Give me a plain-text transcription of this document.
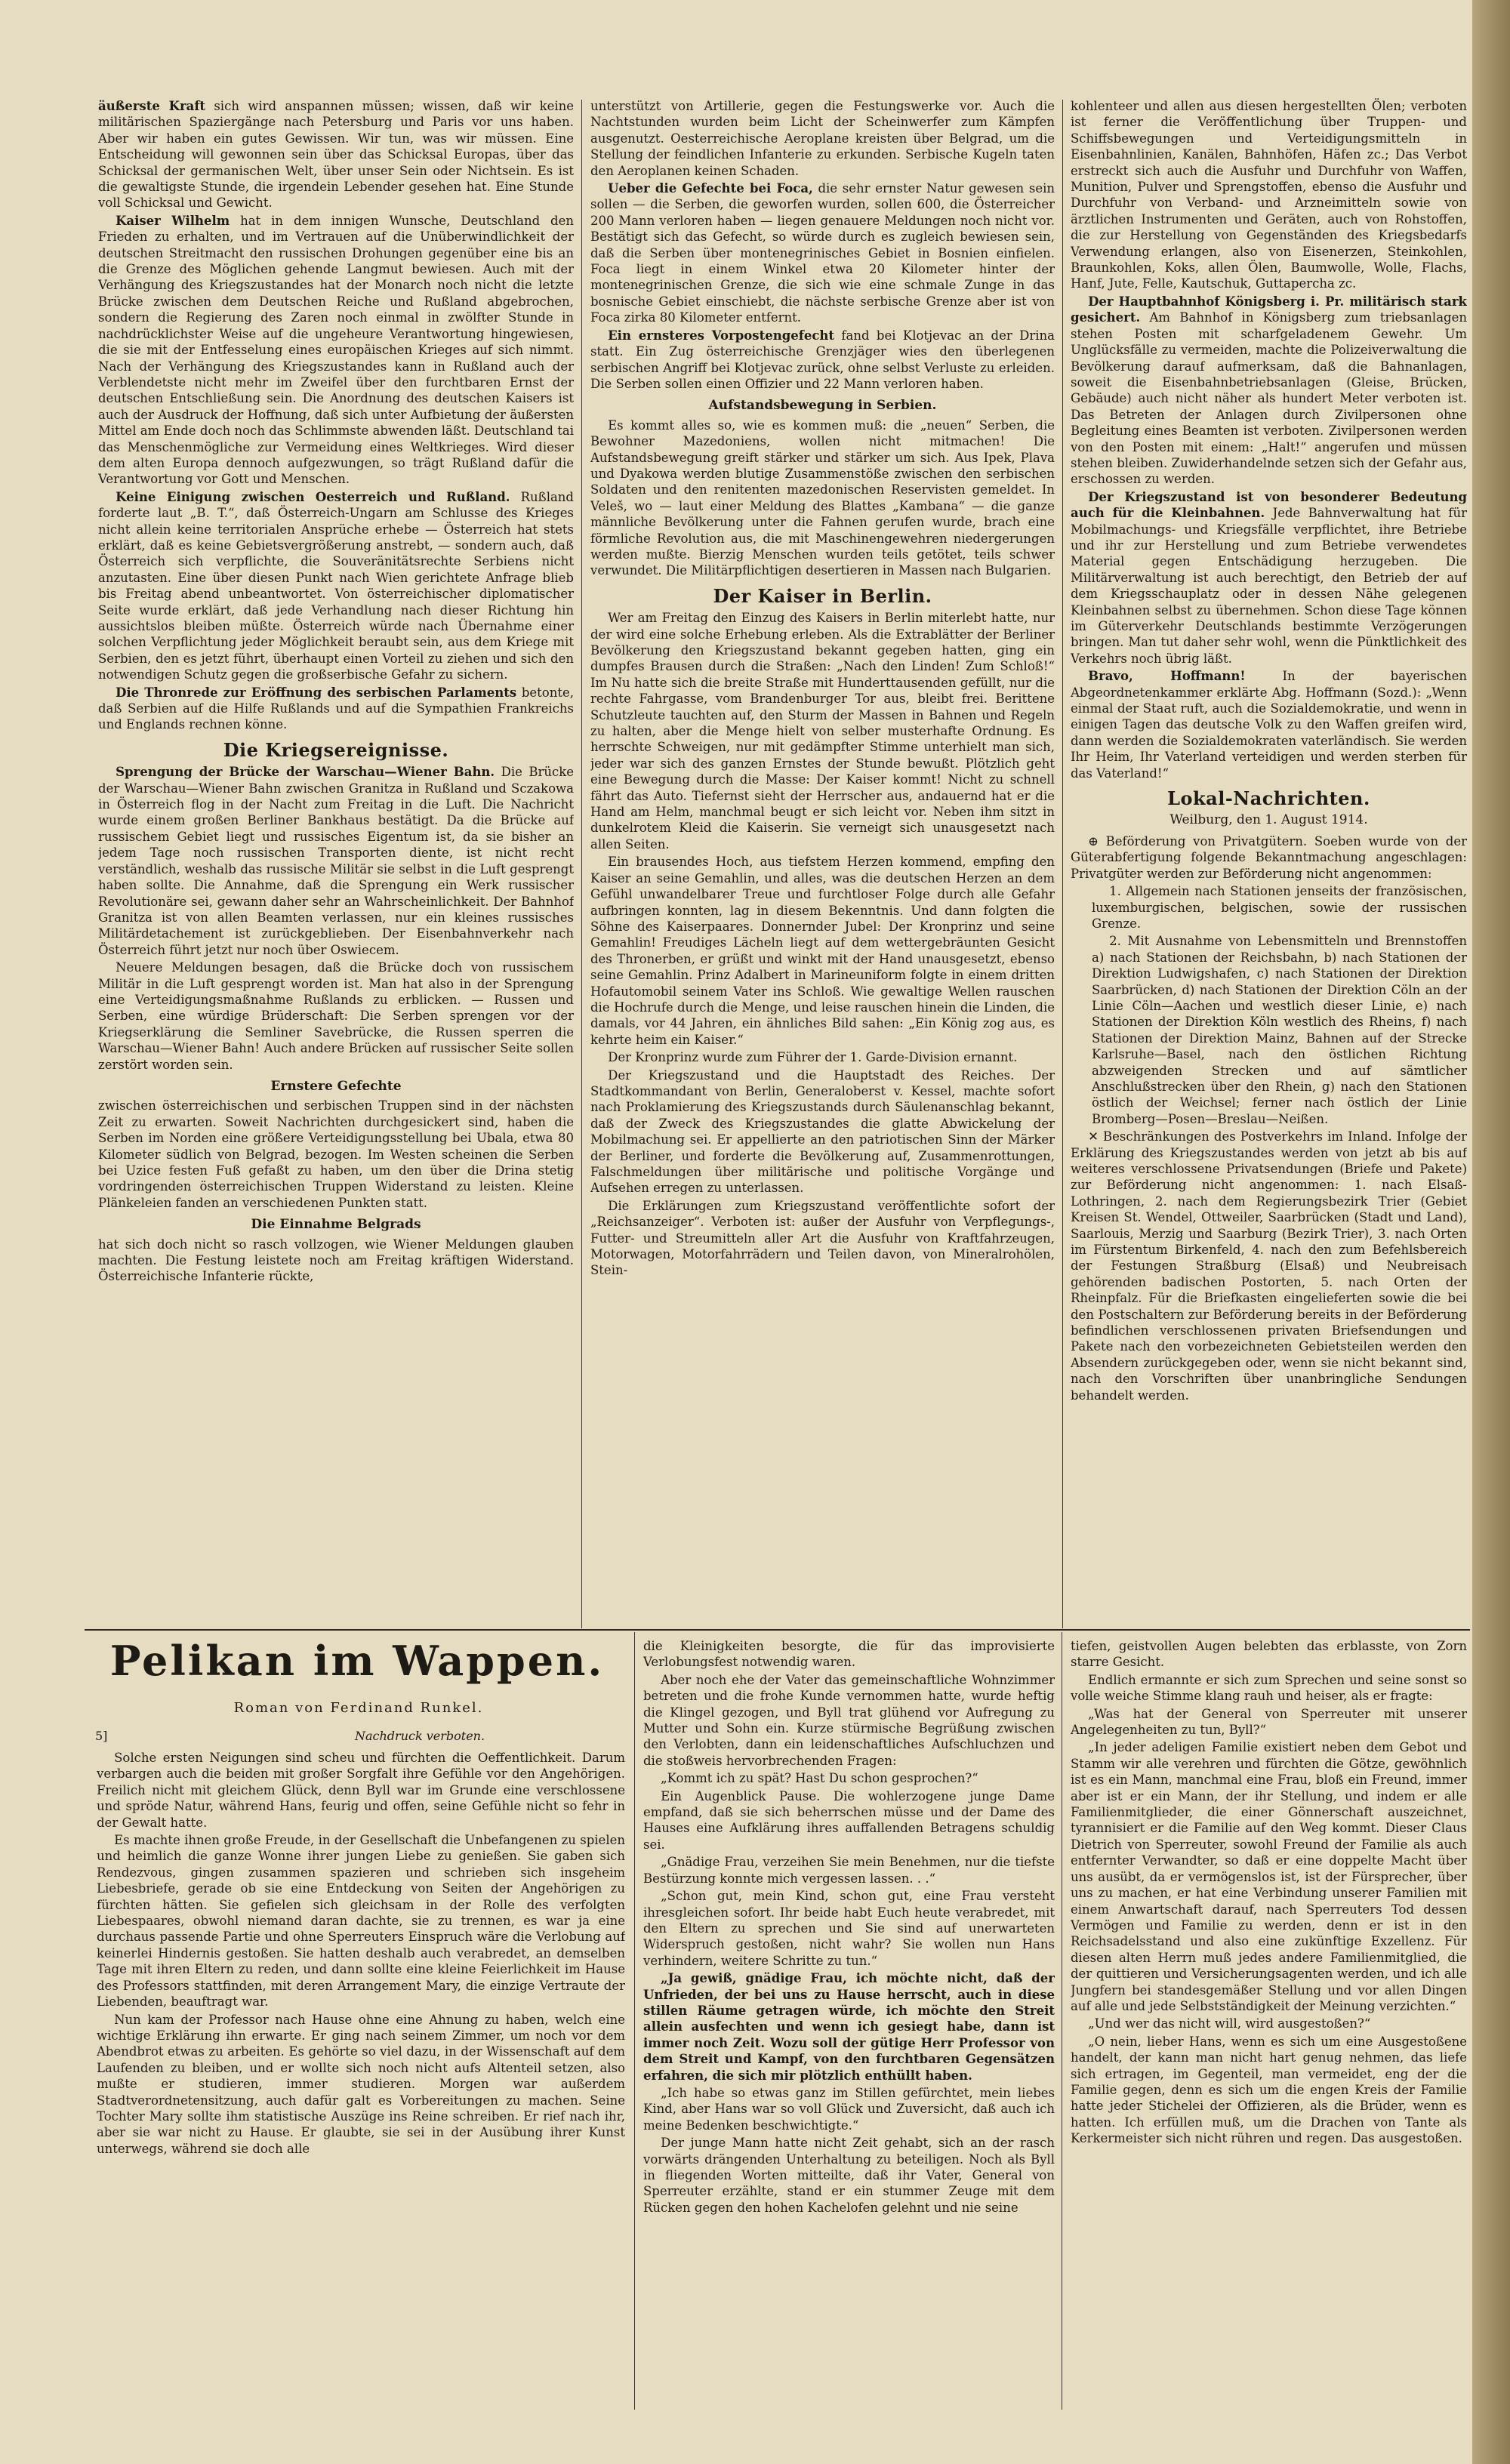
äußerste Kraft sich wird anspannen müssen; wissen, daß wir keine militärischen Spaziergänge nach Petersburg und Paris vor uns haben. Aber wir haben ein gutes Gewissen. Wir tun, was wir müssen. Eine Entscheidung will gewonnen sein über das Schicksal Europas, über das Schicksal der germanischen Welt, über unser Sein oder Nichtsein. Es ist die gewaltigste Stunde, die irgendein Lebender gesehen hat. Eine Stunde voll Schicksal und Gewicht.

Kaiser Wilhelm hat in dem innigen Wunsche, Deutschland den Frieden zu erhalten, und im Vertrauen auf die Unüberwindlichkeit der deutschen Streitmacht den russischen Drohungen gegenüber eine bis an die Grenze des Möglichen gehende Langmut bewiesen. Auch mit der Verhängung des Kriegszustandes hat der Monarch noch nicht die letzte Brücke zwischen dem Deutschen Reiche und Rußland abgebrochen, sondern die Regierung des Zaren noch einmal in zwölfter Stunde in nachdrücklichster Weise auf die ungeheure Verantwortung hingewiesen, die sie mit der Entfesselung eines europäischen Krieges auf sich nimmt. Nach der Verhängung des Kriegszustandes kann in Rußland auch der Verblendetste nicht mehr im Zweifel über den furchtbaren Ernst der deutschen Entschließung sein. Die Anordnung des deutschen Kaisers ist auch der Ausdruck der Hoffnung, daß sich unter Aufbietung der äußersten Mittel am Ende doch noch das Schlimmste abwenden läßt. Deutschland tai das Menschenmögliche zur Vermeidung eines Weltkrieges. Wird dieser dem alten Europa dennoch aufgezwungen, so trägt Rußland dafür die Verantwortung vor Gott und Menschen.

Keine Einigung zwischen Oesterreich und Rußland. Rußland forderte laut „B. T.“, daß Österreich-Ungarn am Schlusse des Krieges nicht allein keine territorialen Ansprüche erhebe — Österreich hat stets erklärt, daß es keine Gebietsvergrößerung anstrebt, — sondern auch, daß Österreich sich verpflichte, die Souveränitätsrechte Serbiens nicht anzutasten. Eine über diesen Punkt nach Wien gerichtete Anfrage blieb bis Freitag abend unbeantwortet. Von österreichischer diplomatischer Seite wurde erklärt, daß jede Verhandlung nach dieser Richtung hin aussichtslos bleiben müßte. Österreich würde nach Übernahme einer solchen Verpflichtung jeder Möglichkeit beraubt sein, aus dem Kriege mit Serbien, den es jetzt führt, überhaupt einen Vorteil zu ziehen und sich den notwendigen Schutz gegen die großserbische Gefahr zu sichern.

Die Thronrede zur Eröffnung des serbischen Parlaments betonte, daß Serbien auf die Hilfe Rußlands und auf die Sympathien Frankreichs und Englands rechnen könne.

Die Kriegsereignisse.

Sprengung der Brücke der Warschau—Wiener Bahn. Die Brücke der Warschau—Wiener Bahn zwischen Granitza in Rußland und Sczakowa in Österreich flog in der Nacht zum Freitag in die Luft. Die Nachricht wurde einem großen Berliner Bankhaus bestätigt. Da die Brücke auf russischem Gebiet liegt und russisches Eigentum ist, da sie bisher an jedem Tage noch russischen Transporten diente, ist nicht recht verständlich, weshalb das russische Militär sie selbst in die Luft gesprengt haben sollte. Die Annahme, daß die Sprengung ein Werk russischer Revolutionäre sei, gewann daher sehr an Wahrscheinlichkeit. Der Bahnhof Granitza ist von allen Beamten verlassen, nur ein kleines russisches Militärdetachement ist zurückgeblieben. Der Eisenbahnverkehr nach Österreich führt jetzt nur noch über Oswiecem.

Neuere Meldungen besagen, daß die Brücke doch von russischem Militär in die Luft gesprengt worden ist. Man hat also in der Sprengung eine Verteidigungsmaßnahme Rußlands zu erblicken. — Russen und Serben, eine würdige Brüderschaft: Die Serben sprengen vor der Kriegserklärung die Semliner Savebrücke, die Russen sperren die Warschau—Wiener Bahn! Auch andere Brücken auf russischer Seite sollen zerstört worden sein.

Ernstere Gefechte

zwischen österreichischen und serbischen Truppen sind in der nächsten Zeit zu erwarten. Soweit Nachrichten durchgesickert sind, haben die Serben im Norden eine größere Verteidigungsstellung bei Ubala, etwa 80 Kilometer südlich von Belgrad, bezogen. Im Westen scheinen die Serben bei Uzice festen Fuß gefaßt zu haben, um den über die Drina stetig vordringenden österreichischen Truppen Widerstand zu leisten. Kleine Plänkeleien fanden an verschiedenen Punkten statt.

Die Einnahme Belgrads

hat sich doch nicht so rasch vollzogen, wie Wiener Meldungen glauben machten. Die Festung leistete noch am Freitag kräftigen Widerstand. Österreichische Infanterie rückte,

unterstützt von Artillerie, gegen die Festungswerke vor. Auch die Nachtstunden wurden beim Licht der Scheinwerfer zum Kämpfen ausgenutzt. Oesterreichische Aeroplane kreisten über Belgrad, um die Stellung der feindlichen Infanterie zu erkunden. Serbische Kugeln taten den Aeroplanen keinen Schaden.

Ueber die Gefechte bei Foca, die sehr ernster Natur gewesen sein sollen — die Serben, die geworfen wurden, sollen 600, die Österreicher 200 Mann verloren haben — liegen genauere Meldungen noch nicht vor. Bestätigt sich das Gefecht, so würde durch es zugleich bewiesen sein, daß die Serben über montenegrinisches Gebiet in Bosnien einfielen. Foca liegt in einem Winkel etwa 20 Kilometer hinter der montenegrinischen Grenze, die sich wie eine schmale Zunge in das bosnische Gebiet einschiebt, die nächste serbische Grenze aber ist von Foca zirka 80 Kilometer entfernt.

Ein ernsteres Vorpostengefecht fand bei Klotjevac an der Drina statt. Ein Zug österreichische Grenzjäger wies den überlegenen serbischen Angriff bei Klotjevac zurück, ohne selbst Verluste zu erleiden. Die Serben sollen einen Offizier und 22 Mann verloren haben.

Aufstandsbewegung in Serbien.

Es kommt alles so, wie es kommen muß: die „neuen“ Serben, die Bewohner Mazedoniens, wollen nicht mitmachen! Die Aufstandsbewegung greift stärker und stärker um sich. Aus Ipek, Plava und Dyakowa werden blutige Zusammenstöße zwischen den serbischen Soldaten und den renitenten mazedonischen Reservisten gemeldet. In Veleš, wo — laut einer Meldung des Blattes „Kambana“ — die ganze männliche Bevölkerung unter die Fahnen gerufen wurde, brach eine förmliche Revolution aus, die mit Maschinengewehren niedergerungen werden mußte. Bierzig Menschen wurden teils getötet, teils schwer verwundet. Die Militärpflichtigen desertieren in Massen nach Bulgarien.

Der Kaiser in Berlin.

Wer am Freitag den Einzug des Kaisers in Berlin miterlebt hatte, nur der wird eine solche Erhebung erleben. Als die Extrablätter der Berliner Bevölkerung den Kriegszustand bekannt gegeben hatten, ging ein dumpfes Brausen durch die Straßen: „Nach den Linden! Zum Schloß!“ Im Nu hatte sich die breite Straße mit Hunderttausenden gefüllt, nur die rechte Fahrgasse, vom Brandenburger Tor aus, bleibt frei. Berittene Schutzleute tauchten auf, den Sturm der Massen in Bahnen und Regeln zu halten, aber die Menge hielt von selber musterhafte Ordnung. Es herrschte Schweigen, nur mit gedämpfter Stimme unterhielt man sich, jeder war sich des ganzen Ernstes der Stunde bewußt. Plötzlich geht eine Bewegung durch die Masse: Der Kaiser kommt! Nicht zu schnell fährt das Auto. Tiefernst sieht der Herrscher aus, andauernd hat er die Hand am Helm, manchmal beugt er sich leicht vor. Neben ihm sitzt in dunkelrotem Kleid die Kaiserin. Sie verneigt sich unausgesetzt nach allen Seiten.

Ein brausendes Hoch, aus tiefstem Herzen kommend, empfing den Kaiser an seine Gemahlin, und alles, was die deutschen Herzen an dem Gefühl unwandelbarer Treue und furchtloser Folge durch alle Gefahr aufbringen konnten, lag in diesem Bekenntnis. Und dann folgten die Söhne des Kaiserpaares. Donnernder Jubel: Der Kronprinz und seine Gemahlin! Freudiges Lächeln liegt auf dem wettergebräunten Gesicht des Thronerben, er grüßt und winkt mit der Hand unausgesetzt, ebenso seine Gemahlin. Prinz Adalbert in Marineuniform folgte in einem dritten Hofautomobil seinem Vater ins Schloß. Wie gewaltige Wellen rauschen die Hochrufe durch die Menge, und leise rauschen hinein die Linden, die damals, vor 44 Jahren, ein ähnliches Bild sahen: „Ein König zog aus, es kehrte heim ein Kaiser.“

Der Kronprinz wurde zum Führer der 1. Garde-Division ernannt.

Der Kriegszustand und die Hauptstadt des Reiches. Der Stadtkommandant von Berlin, Generaloberst v. Kessel, machte sofort nach Proklamierung des Kriegszustands durch Säulenanschlag bekannt, daß der Zweck des Kriegszustandes die glatte Abwickelung der Mobilmachung sei. Er appellierte an den patriotischen Sinn der Märker der Berliner, und forderte die Bevölkerung auf, Zusammenrottungen, Falschmeldungen über militärische und politische Vorgänge und Aufsehen erregen zu unterlassen.

Die Erklärungen zum Kriegszustand veröffentlichte sofort der „Reichsanzeiger“. Verboten ist: außer der Ausfuhr von Verpflegungs-, Futter- und Streumitteln aller Art die Ausfuhr von Kraftfahrzeugen, Motorwagen, Motorfahrrädern und Teilen davon, von Mineralrohölen, Stein-

kohlenteer und allen aus diesen hergestellten Ölen; verboten ist ferner die Veröffentlichung über Truppen- und Schiffsbewegungen und Verteidigungsmitteln in Eisenbahnlinien, Kanälen, Bahnhöfen, Häfen zc.; Das Verbot erstreckt sich auch die Ausfuhr und Durchfuhr von Waffen, Munition, Pulver und Sprengstoffen, ebenso die Ausfuhr und Durchfuhr von Verband- und Arzneimitteln sowie von ärztlichen Instrumenten und Geräten, auch von Rohstoffen, die zur Herstellung von Gegenständen des Kriegsbedarfs Verwendung erlangen, also von Eisenerzen, Steinkohlen, Braunkohlen, Koks, allen Ölen, Baumwolle, Wolle, Flachs, Hanf, Jute, Felle, Kautschuk, Guttapercha zc.

Der Hauptbahnhof Königsberg i. Pr. militärisch stark gesichert. Am Bahnhof in Königsberg zum triebsanlagen stehen Posten mit scharfgeladenem Gewehr. Um Unglücksfälle zu vermeiden, machte die Polizeiverwaltung die Bevölkerung darauf aufmerksam, daß die Bahnanlagen, soweit die Eisenbahnbetriebsanlagen (Gleise, Brücken, Gebäude) auch nicht näher als hundert Meter verboten ist. Das Betreten der Anlagen durch Zivilpersonen ohne Begleitung eines Beamten ist verboten. Zivilpersonen werden von den Posten mit einem: „Halt!“ angerufen und müssen stehen bleiben. Zuwiderhandelnde setzen sich der Gefahr aus, erschossen zu werden.

Der Kriegszustand ist von besonderer Bedeutung auch für die Kleinbahnen. Jede Bahnverwaltung hat für Mobilmachungs- und Kriegsfälle verpflichtet, ihre Betriebe und ihr zur Herstellung und zum Betriebe verwendetes Material gegen Entschädigung herzugeben. Die Militärverwaltung ist auch berechtigt, den Betrieb der auf dem Kriegsschauplatz oder in dessen Nähe gelegenen Kleinbahnen selbst zu übernehmen. Schon diese Tage können im Güterverkehr Deutschlands bestimmte Verzögerungen bringen. Man tut daher sehr wohl, wenn die Pünktlichkeit des Verkehrs noch übrig läßt.

Bravo, Hoffmann! In der bayerischen Abgeordnetenkammer erklärte Abg. Hoffmann (Sozd.): „Wenn einmal der Staat ruft, auch die Sozialdemokratie, und wenn in einigen Tagen das deutsche Volk zu den Waffen greifen wird, dann werden die Sozialdemokraten vaterländisch. Sie werden Ihr Heim, Ihr Vaterland verteidigen und werden sterben für das Vaterland!“

Lokal-Nachrichten.
Weilburg, den 1. August 1914.

⊕ Beförderung von Privatgütern. Soeben wurde von der Güterabfertigung folgende Bekanntmachung angeschlagen: Privatgüter werden zur Beförderung nicht angenommen:

1. Allgemein nach Stationen jenseits der französischen, luxemburgischen, belgischen, sowie der russischen Grenze.

2. Mit Ausnahme von Lebensmitteln und Brennstoffen a) nach Stationen der Reichsbahn, b) nach Stationen der Direktion Ludwigshafen, c) nach Stationen der Direktion Saarbrücken, d) nach Stationen der Direktion Cöln an der Linie Cöln—Aachen und westlich dieser Linie, e) nach Stationen der Direktion Köln westlich des Rheins, f) nach Stationen der Direktion Mainz, Bahnen auf der Strecke Karlsruhe—Basel, nach den östlichen Richtung abzweigenden Strecken und auf sämtlicher Anschlußstrecken über den Rhein, g) nach den Stationen östlich der Weichsel; ferner nach östlich der Linie Bromberg—Posen—Breslau—Neißen.

✕ Beschränkungen des Postverkehrs im Inland. Infolge der Erklärung des Kriegszustandes werden von jetzt ab bis auf weiteres verschlossene Privatsendungen (Briefe und Pakete) zur Beförderung nicht angenommen: 1. nach Elsaß-Lothringen, 2. nach dem Regierungsbezirk Trier (Gebiet Kreisen St. Wendel, Ottweiler, Saarbrücken (Stadt und Land), Saarlouis, Merzig und Saarburg (Bezirk Trier), 3. nach Orten im Fürstentum Birkenfeld, 4. nach den zum Befehlsbereich der Festungen Straßburg (Elsaß) und Neubreisach gehörenden badischen Postorten, 5. nach Orten der Rheinpfalz. Für die Briefkasten eingelieferten sowie die bei den Postschaltern zur Beförderung bereits in der Beförderung befindlichen verschlossenen privaten Briefsendungen und Pakete nach den vorbezeichneten Gebietsteilen werden den Absendern zurückgegeben oder, wenn sie nicht bekannt sind, nach den Vorschriften über unanbringliche Sendungen behandelt werden.

Pelikan im Wappen.
Roman von Ferdinand Runkel.
5]	Nachdruck verboten.

Solche ersten Neigungen sind scheu und fürchten die Oeffentlichkeit. Darum verbargen auch die beiden mit großer Sorgfalt ihre Gefühle vor den Angehörigen. Freilich nicht mit gleichem Glück, denn Byll war im Grunde eine verschlossene und spröde Natur, während Hans, feurig und offen, seine Gefühle nicht so fehr in der Gewalt hatte.

Es machte ihnen große Freude, in der Gesellschaft die Unbefangenen zu spielen und heimlich die ganze Wonne ihrer jungen Liebe zu genießen. Sie gaben sich Rendezvous, gingen zusammen spazieren und schrieben sich insgeheim Liebesbriefe, gerade ob sie eine Entdeckung von Seiten der Angehörigen zu fürchten hätten. Sie gefielen sich gleichsam in der Rolle des verfolgten Liebespaares, obwohl niemand daran dachte, sie zu trennen, es war ja eine durchaus passende Partie und ohne Sperreuters Einspruch wäre die Verlobung auf keinerlei Hindernis gestoßen. Sie hatten deshalb auch verabredet, an demselben Tage mit ihren Eltern zu reden, und dann sollte eine kleine Feierlichkeit im Hause des Professors stattfinden, mit deren Arrangement Mary, die einzige Vertraute der Liebenden, beauftragt war.

Nun kam der Professor nach Hause ohne eine Ahnung zu haben, welch eine wichtige Erklärung ihn erwarte. Er ging nach seinem Zimmer, um noch vor dem Abendbrot etwas zu arbeiten. Es gehörte so viel dazu, in der Wissenschaft auf dem Laufenden zu bleiben, und er wollte sich noch nicht aufs Altenteil setzen, also mußte er studieren, immer studieren. Morgen war außerdem Stadtverordnetensitzung, auch dafür galt es Vorbereitungen zu machen. Seine Tochter Mary sollte ihm statistische Auszüge ins Reine schreiben. Er rief nach ihr, aber sie war nicht zu Hause. Er glaubte, sie sei in der Ausübung ihrer Kunst unterwegs, während sie doch alle

die Kleinigkeiten besorgte, die für das improvisierte Verlobungsfest notwendig waren.

Aber noch ehe der Vater das gemeinschaftliche Wohnzimmer betreten und die frohe Kunde vernommen hatte, wurde heftig die Klingel gezogen, und Byll trat glühend vor Aufregung zu Mutter und Sohn ein. Kurze stürmische Begrüßung zwischen den Verlobten, dann ein leidenschaftliches Aufschluchzen und die stoßweis hervorbrechenden Fragen:

„Kommt ich zu spät? Hast Du schon gesprochen?“

Ein Augenblick Pause. Die wohlerzogene junge Dame empfand, daß sie sich beherrschen müsse und der Dame des Hauses eine Aufklärung ihres auffallenden Betragens schuldig sei.

„Gnädige Frau, verzeihen Sie mein Benehmen, nur die tiefste Bestürzung konnte mich vergessen lassen. . .“

„Schon gut, mein Kind, schon gut, eine Frau versteht ihresgleichen sofort. Ihr beide habt Euch heute verabredet, mit den Eltern zu sprechen und Sie sind auf unerwarteten Widerspruch gestoßen, nicht wahr? Sie wollen nun Hans verhindern, weitere Schritte zu tun.“

„Ja gewiß, gnädige Frau, ich möchte nicht, daß der Unfrieden, der bei uns zu Hause herrscht, auch in diese stillen Räume getragen würde, ich möchte den Streit allein ausfechten und wenn ich gesiegt habe, dann ist immer noch Zeit. Wozu soll der gütige Herr Professor von dem Streit und Kampf, von den furchtbaren Gegensätzen erfahren, die sich mir plötzlich enthüllt haben.

„Ich habe so etwas ganz im Stillen gefürchtet, mein liebes Kind, aber Hans war so voll Glück und Zuversicht, daß auch ich meine Bedenken beschwichtigte.“

Der junge Mann hatte nicht Zeit gehabt, sich an der rasch vorwärts drängenden Unterhaltung zu beteiligen. Noch als Byll in fliegenden Worten mitteilte, daß ihr Vater, General von Sperreuter erzählte, stand er ein stummer Zeuge mit dem Rücken gegen den hohen Kachelofen gelehnt und nie seine

tiefen, geistvollen Augen belebten das erblasste, von Zorn starre Gesicht.

Endlich ermannte er sich zum Sprechen und seine sonst so volle weiche Stimme klang rauh und heiser, als er fragte:

„Was hat der General von Sperreuter mit unserer Angelegenheiten zu tun, Byll?“

„In jeder adeligen Familie existiert neben dem Gebot und Stamm wir alle verehren und fürchten die Götze, gewöhnlich ist es ein Mann, manchmal eine Frau, bloß ein Freund, immer aber ist er ein Mann, der ihr Stellung, und indem er alle Familienmitglieder, die einer Gönnerschaft auszeichnet, tyrannisiert er die Familie auf den Weg kommt. Dieser Claus Dietrich von Sperreuter, sowohl Freund der Familie als auch entfernter Verwandter, so daß er eine doppelte Macht über uns ausübt, da er vermögenslos ist, ist der Fürsprecher, über uns zu machen, er hat eine Verbindung unserer Familien mit einem Anwartschaft darauf, nach Sperreuters Tod dessen Vermögen und Familie zu werden, denn er ist in den Reichsadelsstand und also eine zukünftige Exzellenz. Für diesen alten Herrn muß jedes andere Familienmitglied, die der quittieren und Versicherungsagenten werden, und ich alle Jungfern bei standesgemäßer Stellung und vor allen Dingen auf alle und jede Selbstständigkeit der Meinung verzichten.“

„Und wer das nicht will, wird ausgestoßen?“

„O nein, lieber Hans, wenn es sich um eine Ausgestoßene handelt, der kann man nicht hart genug nehmen, das liefe sich ertragen, im Gegenteil, man vermeidet, eng der die Familie gegen, denn es sich um die engen Kreis der Familie hatte jeder Stichelei der Offizieren, als die Brüder, wenn es hatten. Ich erfüllen muß, um die Drachen von Tante als Kerkermeister sich nicht rühren und regen. Das ausgestoßen.
